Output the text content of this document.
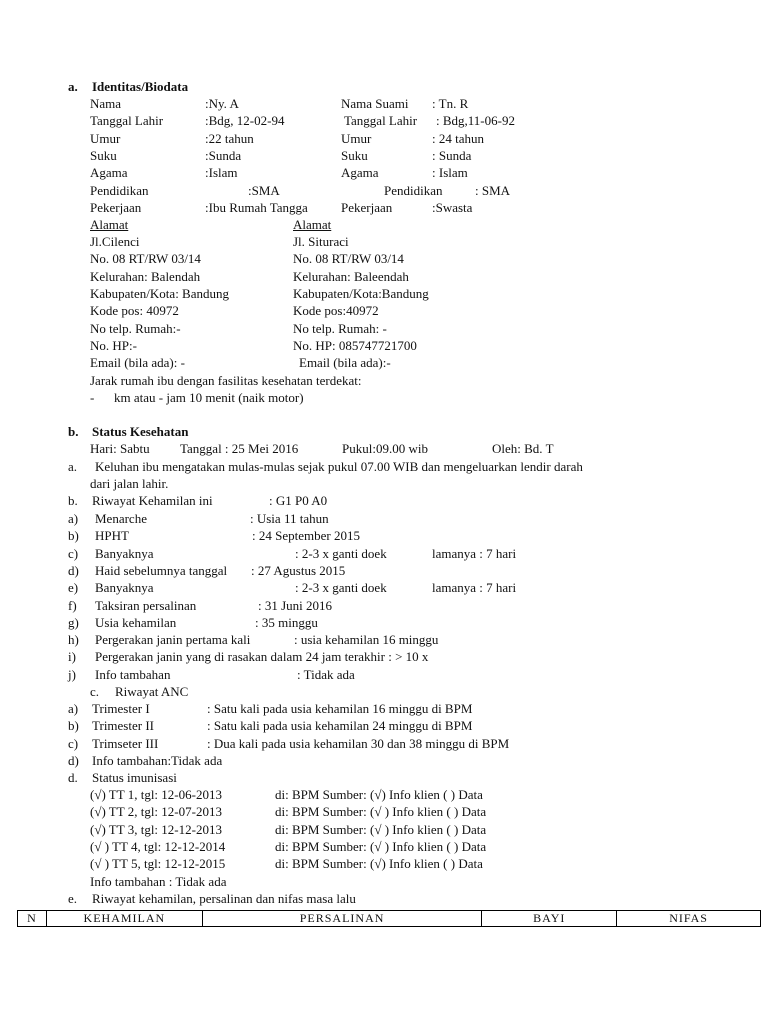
a. Identitas/Biodata
Nama	:Ny. A	Nama Suami : Tn. R
Tanggal Lahir	:Bdg, 12-02-94	Tanggal Lahir : Bdg,11-06-92
Umur	:22 tahun	Umur	: 24 tahun
Suku	:Sunda	Suku	: Sunda
Agama	:Islam	Agama	: Islam
Pendidikan	:SMA	Pendidikan	: SMA
Pekerjaan	:Ibu Rumah Tangga	Pekerjaan	:Swasta
Alamat	Alamat
Jl.Cilenci	Jl. Situraci
No. 08 RT/RW 03/14	No. 08 RT/RW 03/14
Kelurahan: Balendah	Kelurahan: Baleendah
Kabupaten/Kota: Bandung	Kabupaten/Kota:Bandung
Kode pos: 40972	Kode pos:40972
No telp. Rumah:-	No telp. Rumah: -
No. HP:-	No. HP: 085747721700
Email (bila ada): -	Email (bila ada):-
Jarak rumah ibu dengan fasilitas kesehatan terdekat:
- km atau - jam 10 menit (naik motor)
b. Status Kesehatan
Hari: Sabtu Tanggal : 25 Mei 2016	Pukul:09.00 wib	Oleh: Bd. T
a. Keluhan ibu mengatakan mulas-mulas sejak pukul 07.00 WIB dan mengeluarkan lendir darah
dari jalan lahir.
b. Riwayat Kehamilan ini	: G1 P0 A0
a) Menarche	: Usia 11 tahun
b) HPHT	: 24 September 2015
c) Banyaknya	: 2-3 x ganti doek	lamanya : 7 hari
d) Haid sebelumnya tanggal : 27 Agustus 2015
e) Banyaknya	: 2-3 x ganti doek	lamanya : 7 hari
f) Taksiran persalinan	: 31 Juni 2016
g) Usia kehamilan	: 35 minggu
h) Pergerakan janin pertama kali	: usia kehamilan 16 minggu
i) Pergerakan janin yang di rasakan dalam 24 jam terakhir : > 10 x
j) Info tambahan	: Tidak ada
c. Riwayat ANC
a) Trimester I	: Satu kali pada usia kehamilan 16 minggu di BPM
b) Trimester II	: Satu kali pada usia kehamilan 24 minggu di BPM
c) Trimseter III	: Dua kali pada usia kehamilan 30 dan 38 minggu di BPM
d) Info tambahan:Tidak ada
d. Status imunisasi
(√) TT 1, tgl: 12-06-2013	di: BPM Sumber: (√) Info klien ( ) Data
(√) TT 2, tgl: 12-07-2013	di: BPM Sumber: (√ ) Info klien ( ) Data
(√) TT 3, tgl: 12-12-2013	di: BPM Sumber: (√ ) Info klien ( ) Data
(√ ) TT 4, tgl: 12-12-2014	di: BPM Sumber: (√ ) Info klien ( ) Data
(√ ) TT 5, tgl: 12-12-2015	di: BPM Sumber: (√) Info klien ( ) Data
Info tambahan : Tidak ada
e. Riwayat kehamilan, persalinan dan nifas masa lalu
N	KEHAMILAN	PERSALINAN	BAYI	NIFAS
